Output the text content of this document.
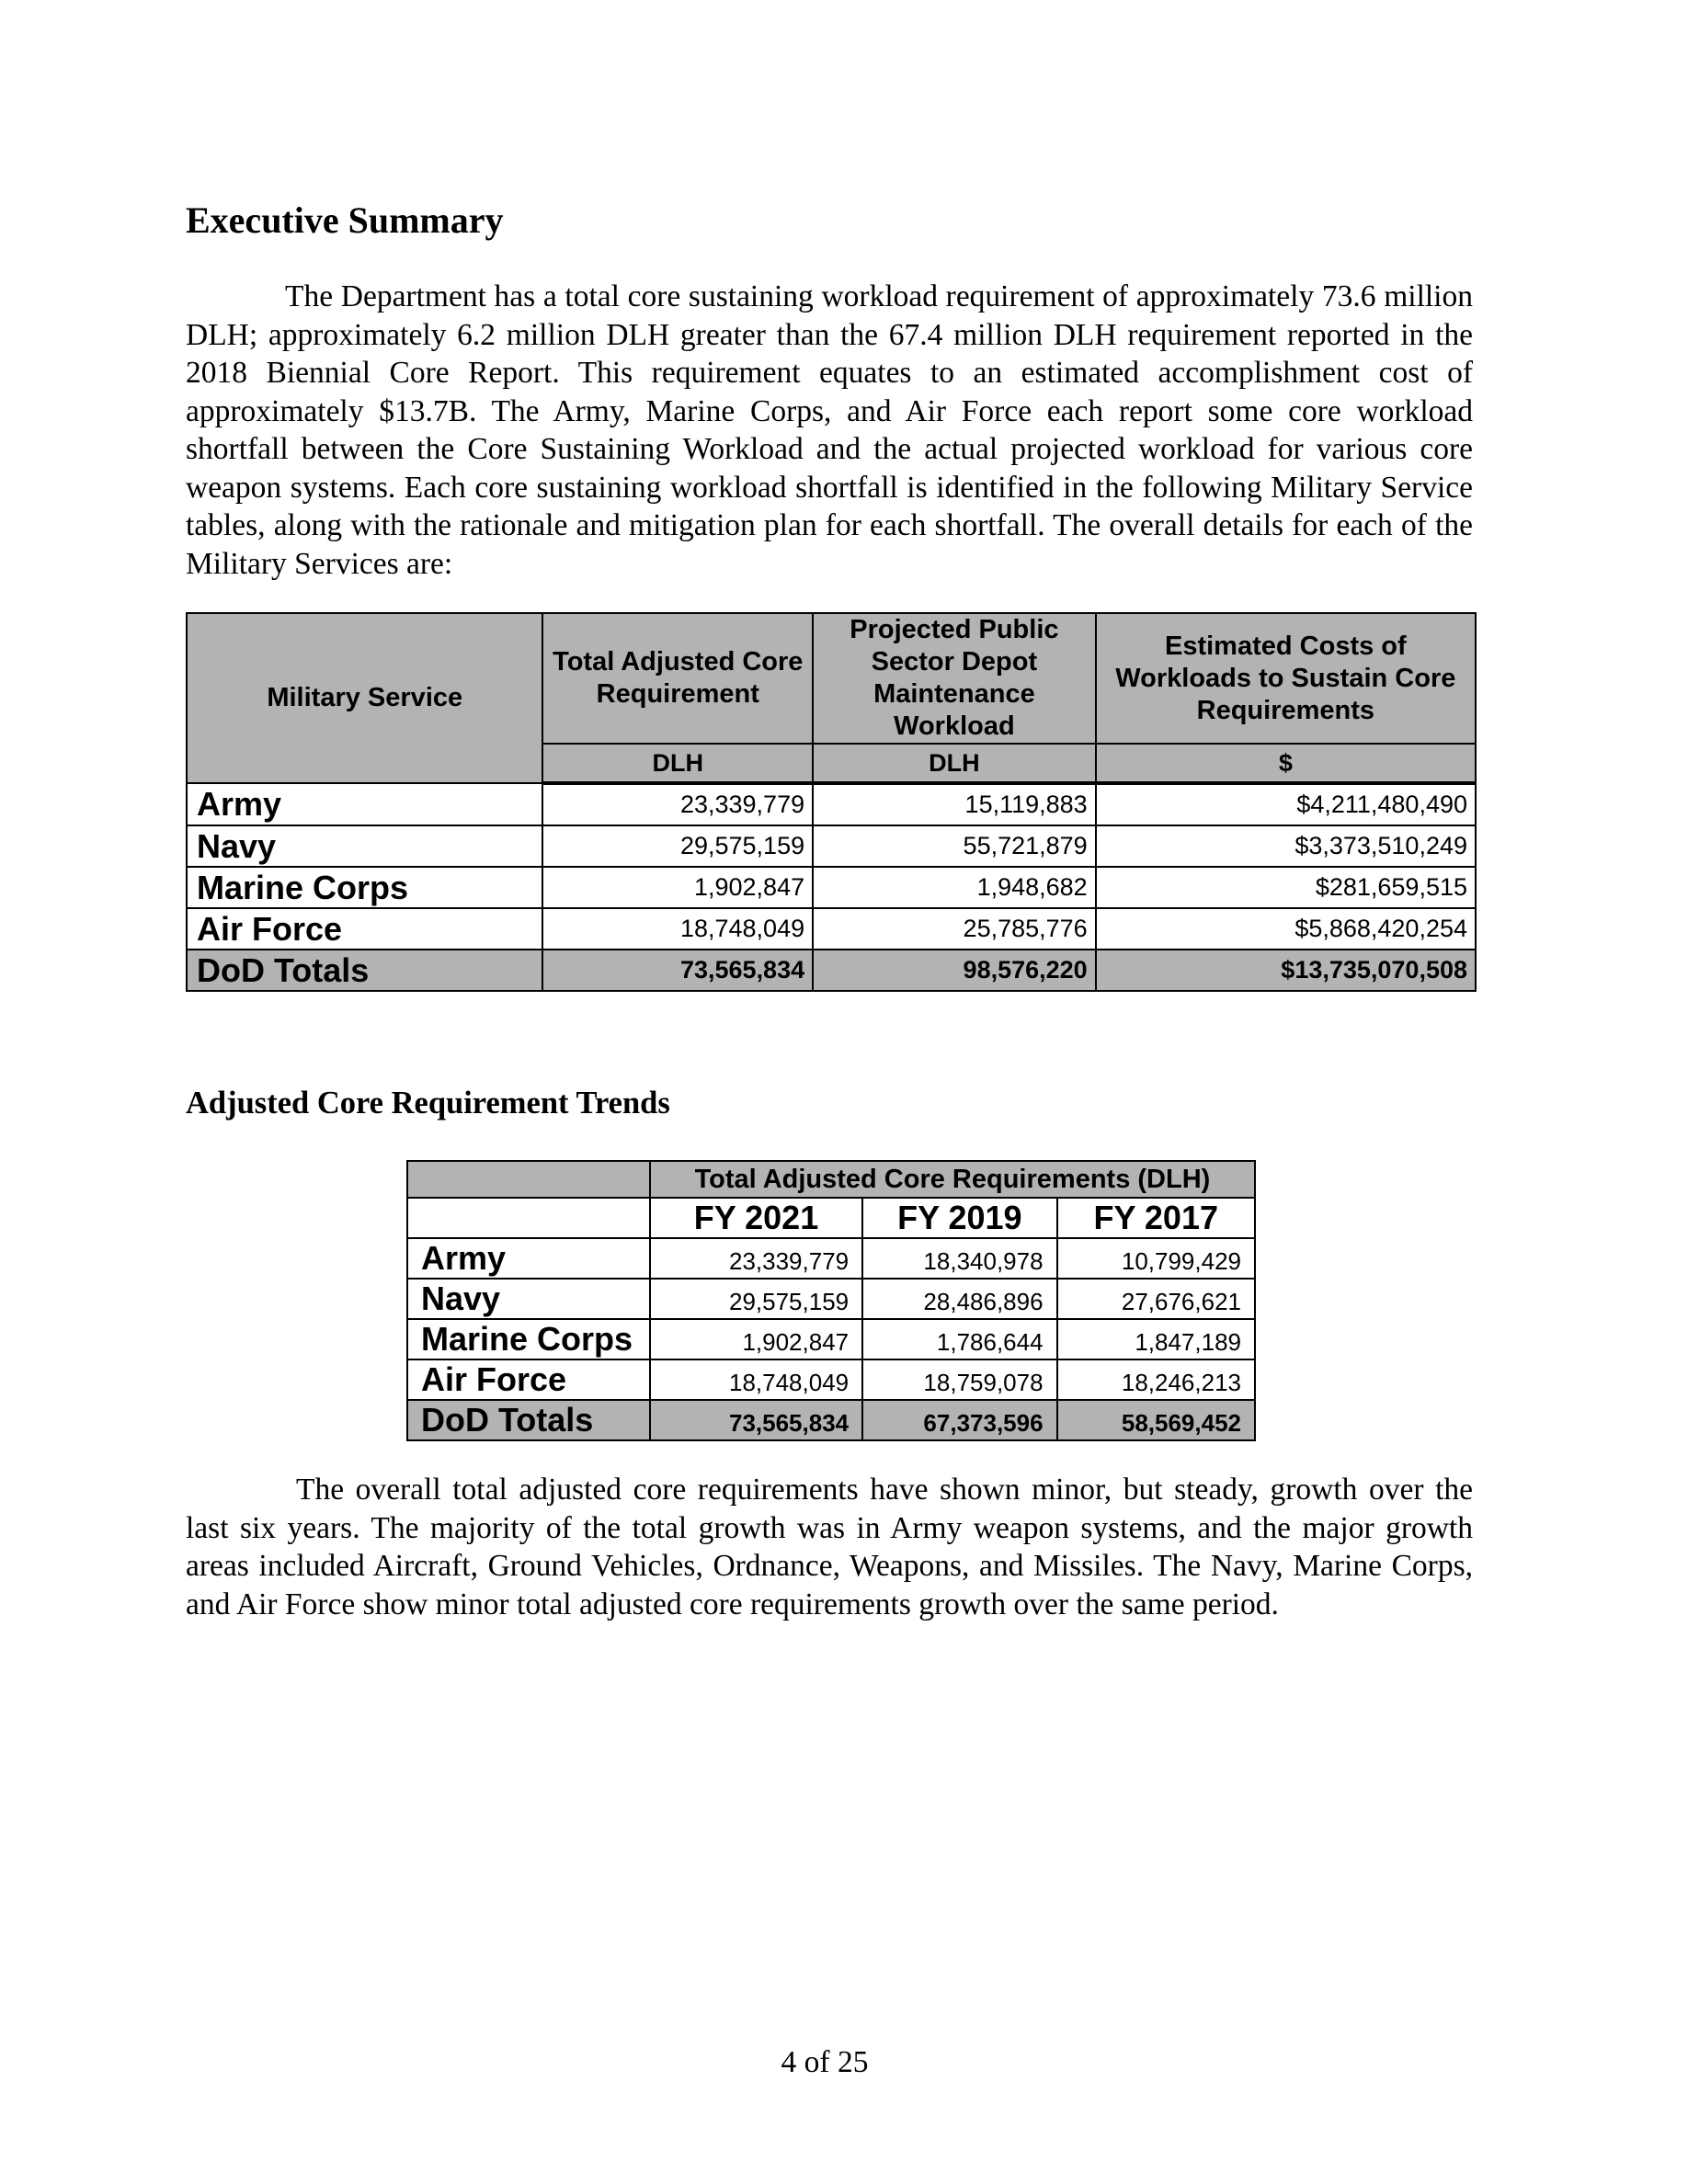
Executive Summary

The Department has a total core sustaining workload requirement of approximately 73.6 million DLH; approximately 6.2 million DLH greater than the 67.4 million DLH requirement reported in the 2018 Biennial Core Report. This requirement equates to an estimated accomplishment cost of approximately $13.7B. The Army, Marine Corps, and Air Force each report some core workload shortfall between the Core Sustaining Workload and the actual projected workload for various core weapon systems. Each core sustaining workload shortfall is identified in the following Military Service tables, along with the rationale and mitigation plan for each shortfall. The overall details for each of the Military Services are:

Military Service	Total Adjusted Core Requirement	Projected Public Sector Depot Maintenance Workload	Estimated Costs of Workloads to Sustain Core Requirements
	DLH	DLH	$
Army	23,339,779	15,119,883	$4,211,480,490
Navy	29,575,159	55,721,879	$3,373,510,249
Marine Corps	1,902,847	1,948,682	$281,659,515
Air Force	18,748,049	25,785,776	$5,868,420,254
DoD Totals	73,565,834	98,576,220	$13,735,070,508
Adjusted Core Requirement Trends
	Total Adjusted Core Requirements (DLH)		
	FY 2021	FY 2019	FY 2017
Army	23,339,779	18,340,978	10,799,429
Navy	29,575,159	28,486,896	27,676,621
Marine Corps	1,902,847	1,786,644	1,847,189
Air Force	18,748,049	18,759,078	18,246,213
DoD Totals	73,565,834	67,373,596	58,569,452

The overall total adjusted core requirements have shown minor, but steady, growth over the last six years. The majority of the total growth was in Army weapon systems, and the major growth areas included Aircraft, Ground Vehicles, Ordnance, Weapons, and Missiles. The Navy, Marine Corps, and Air Force show minor total adjusted core requirements growth over the same period.

4 of 25
